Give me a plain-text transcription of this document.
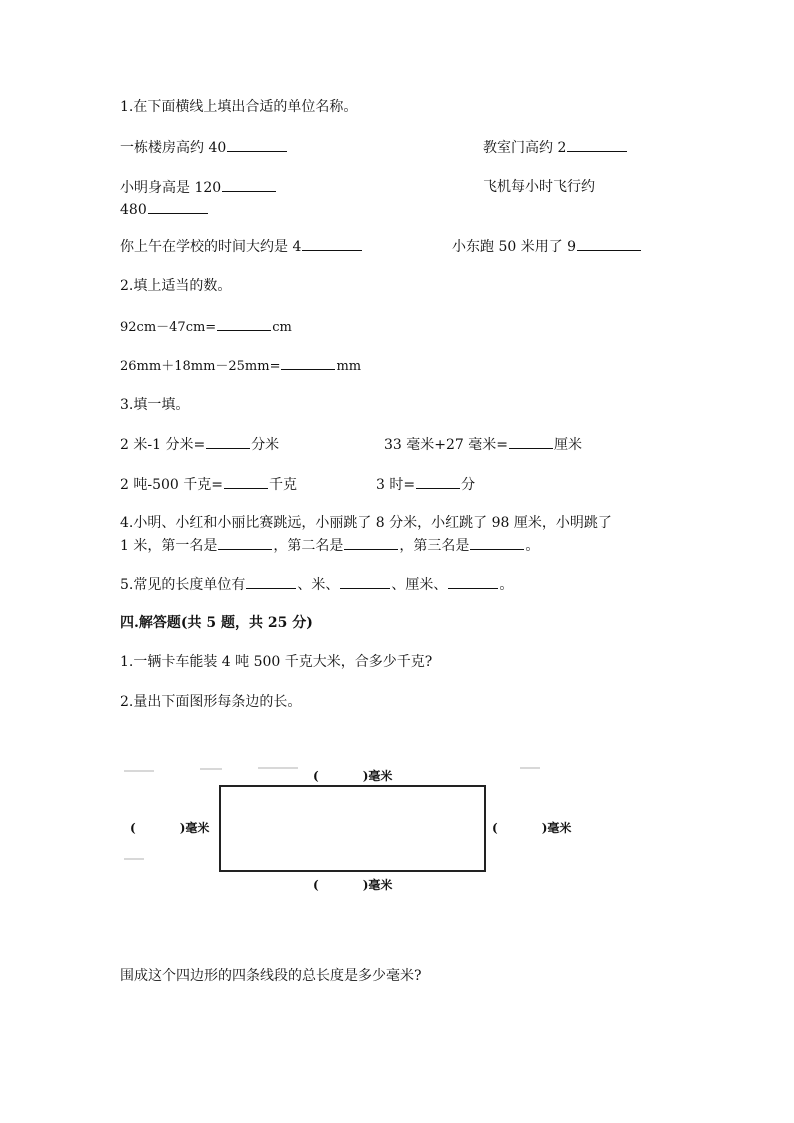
1.在下面横线上填出合适的单位名称。
一栋楼房高约 40	教室门高约 2
小明身高是 120	飞机每小时飞行约
480
你上午在学校的时间大约是 4	小东跑 50 米用了 9
2.填上适当的数。
92cm－47cm=	cm
26mm＋18mm－25mm=	mm
3.填一填。
2 米-1 分米=	分米	33 毫米+27 毫米=	厘米
2 吨-500 千克=	千克	3 时=	分
4.小明、小红和小丽比赛跳远，小丽跳了 8 分米，小红跳了 98 厘米，小明跳了
1 米，第一名是	，第二名是	，第三名是	。
5.常见的长度单位有	、米、	、厘米、	。
四.解答题(共 5 题，共 25 分)
1.一辆卡车能装 4 吨 500 千克大米，合多少千克?
2.量出下面图形每条边的长。
(	)毫米
(	)毫米	(	)毫米
(	)毫米
围成这个四边形的四条线段的总长度是多少毫米?
